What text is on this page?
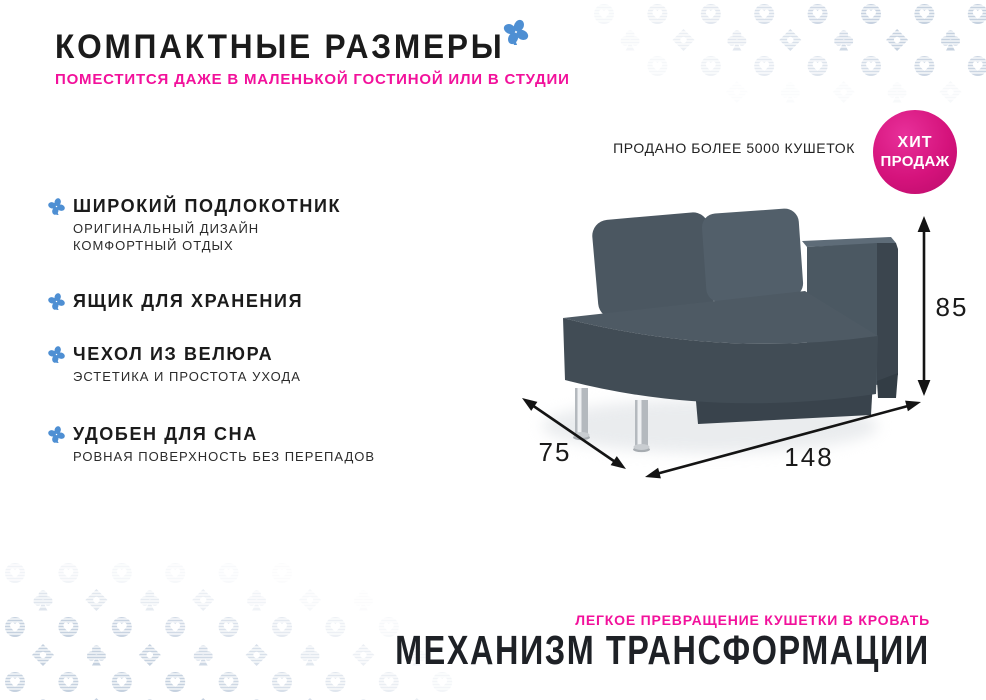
КОМПАКТНЫЕ РАЗМЕРЫ
ПОМЕСТИТСЯ ДАЖЕ В МАЛЕНЬКОЙ ГОСТИНОЙ ИЛИ В СТУДИИ
ПРОДАНО БОЛЕЕ 5000 КУШЕТОК	ХИТ
ПРОДАЖ
ШИРОКИЙ ПОДЛОКОТНИК
ОРИГИНАЛЬНЫЙ ДИЗАЙН
КОМФОРТНЫЙ ОТДЫХ
ЯЩИК ДЛЯ ХРАНЕНИЯ
ЧЕХОЛ ИЗ ВЕЛЮРА
ЭСТЕТИКА И ПРОСТОТА УХОДА
УДОБЕН ДЛЯ СНА
РОВНАЯ ПОВЕРХНОСТЬ БЕЗ ПЕРЕПАДОВ
85
75	148
ЛЕГКОЕ ПРЕВРАЩЕНИЕ КУШЕТКИ В КРОВАТЬ
МЕХАНИЗМ ТРАНСФОРМАЦИИ
